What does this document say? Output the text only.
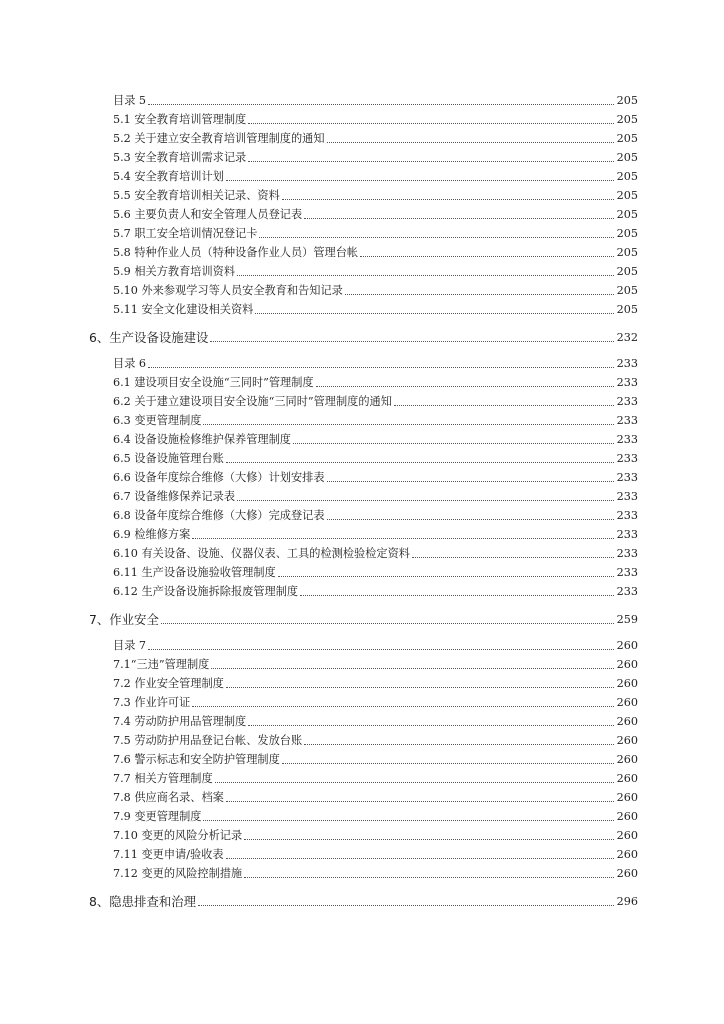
目录 5	205
5.1 安全教育培训管理制度	205
5.2 关于建立安全教育培训管理制度的通知	205
5.3 安全教育培训需求记录	205
5.4 安全教育培训计划	205
5.5 安全教育培训相关记录、资料	205
5.6 主要负责人和安全管理人员登记表	205
5.7 职工安全培训情况登记卡	205
5.8 特种作业人员（特种设备作业人员）管理台帐	205
5.9 相关方教育培训资料	205
5.10 外来参观学习等人员安全教育和告知记录	205
5.11 安全文化建设相关资料	205
6、生产设备设施建设	232
目录 6	233
6.1 建设项目安全设施“三同时”管理制度	233
6.2 关于建立建设项目安全设施“三同时”管理制度的通知	233
6.3 变更管理制度	233
6.4 设备设施检修维护保养管理制度	233
6.5 设备设施管理台账	233
6.6 设备年度综合维修（大修）计划安排表	233
6.7 设备维修保养记录表	233
6.8 设备年度综合维修（大修）完成登记表	233
6.9 检维修方案	233
6.10 有关设备、设施、仪器仪表、工具的检测检验检定资料	233
6.11 生产设备设施验收管理制度	233
6.12 生产设备设施拆除报废管理制度	233
7、作业安全	259
目录 7	260
7.1“三违”管理制度	260
7.2 作业安全管理制度	260
7.3 作业许可证	260
7.4 劳动防护用品管理制度	260
7.5 劳动防护用品登记台帐、发放台账	260
7.6 警示标志和安全防护管理制度	260
7.7 相关方管理制度	260
7.8 供应商名录、档案	260
7.9 变更管理制度	260
7.10 变更的风险分析记录	260
7.11 变更申请/验收表	260
7.12 变更的风险控制措施	260
8、隐患排查和治理	296
